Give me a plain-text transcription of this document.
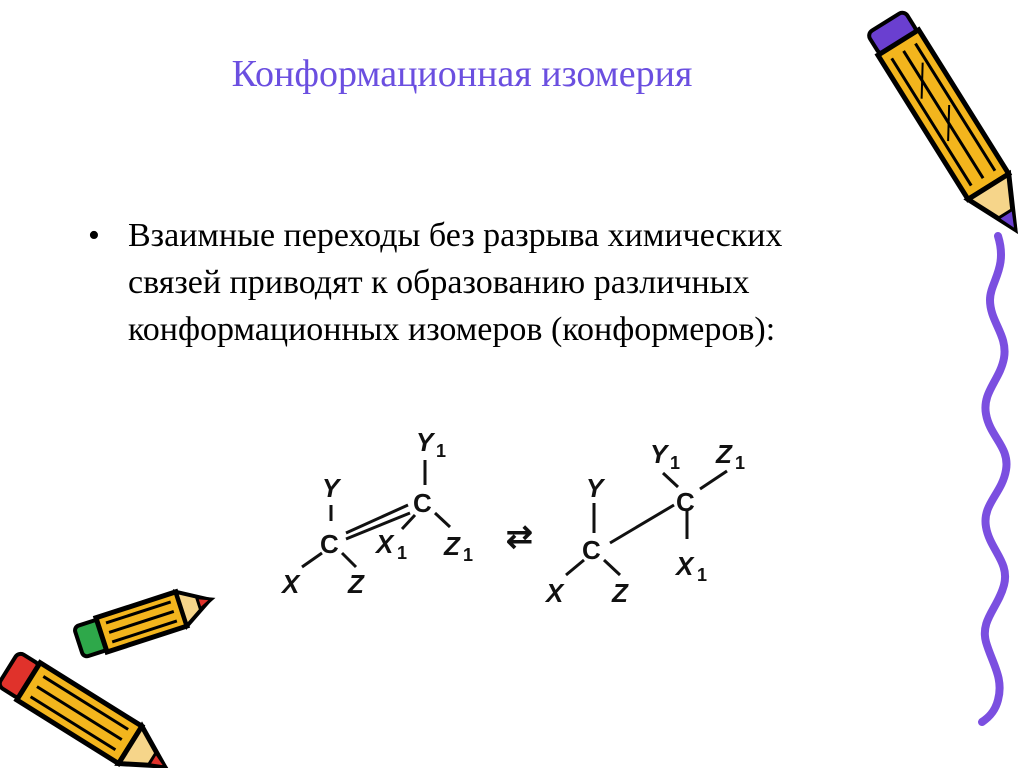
Конформационная изомерия
• Взаимные переходы без разрыва химических
связей приводят к образованию различных
конформационных изомеров (конформеров):
C
C
Y
X Z
Y 1
X 1 Z 1
⇄ C
C
Y
X Z
Y 1 Z 1
X 1
